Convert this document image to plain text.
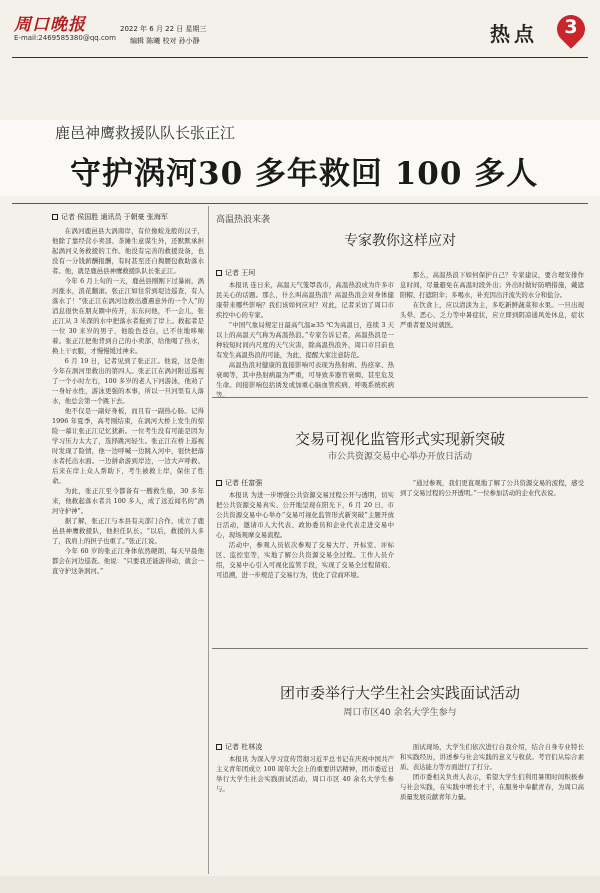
周口晚报
E-mail:2469585380@qq.com
2022 年 6 月 22 日 星期三
编辑 陈曦 校对 孙小静	热点	3
鹿邑神鹰救援队队长张正江
守护涡河30 多年救回 100 多人
记者 侯国胜 通讯员 于朝豪 张海军

在涡河鹿邑县大涡南岸，有位像蛟龙般的汉子，他除了靠经营小卖部、茶摊生意谋生外，还默默承担起涡河义务救援的工作。他没有完善的救援设备，也没有一分钱薪酬报酬，有时甚至还自掏腰包救助落水者。他，就是鹿邑县神鹰救援队队长张正江。

今年 6 月上旬的一天，鹿邑县刚刚下过暴雨，涡河涨水，浪花翻滚。张正江如往常到堤边巡查，有人落水了！“张正江在涡河边救出遭遇意外的一个人”的消息很快在朋友圈中传开，东东问他，不一会儿，张正江从 3 米深的水中把落水者拖到了岸上。救起者是一位 30 来岁的男子，他脸色苍白，已不住地哆嗦着。张正江把他背到自己的小卖部，给他喝了热水，换上干衣服，才慢慢缓过神来。

6 月 19 日，记者见到了张正江。他说，这是他今年在涡河里救出的第四人。张正江在涡河附近巡视了一个小时左右，100 多岁的老人下河游泳，他劝了一身好水性，游泳更强的本事，所以一旦河里有人落水，他总会第一个跳下去。

他不仅是一副好身板，而且有一副热心肠。记得 1996 年夏季，高考刚结束，在涡河大桥上发生的惊险一幕让张正江记忆犹新。一位考生没有可能是因为学习压力太大了，选择跳河轻生。张正江在桥上巡视时发现了险情，他一边呼喊一边跳入河中，很快把落水者托出水面。一边拼命游到岸边，一边大声呼救。后来在岸上众人帮助下，考生被救上岸，保住了性命。

为此，张正江至今都备有一艘救生船，30 多年来，他救起落水者共 100 多人，成了远近闻名的“涡河守护神”。

据了解，张正江与本县有关部门合作，成立了鹿邑县神鹰救援队，他担任队长。“以后，救援的人多了，我肩上的担子也重了。”张正江说。

今年 60 岁的张正江身体依然硬朗，每天早晨他都会在河边巡查。他说：“只要我还能游得动，就会一直守护这条涡河。”

高温热浪来袭
专家教你这样应对
记者 王珂

本报讯 连日来，高温天气笼罩我市，高温热浪成为许多市民关心的话题。那么，什么叫高温热浪？高温热浪会对身体健康带来哪些影响？我们该如何应对？对此，记者采访了周口市疾控中心的专家。

“中国气象局规定日最高气温≥35 ℃为高温日，连续 3 天以上的高温天气称为高温热浪。”专家告诉记者，高温热浪是一种较短时间内尺度的天气灾害，除高温热浪外，周口市目前也有发生高温热浪的可能，为此，提醒大家注意防范。

高温热浪对健康的直接影响可表现为热射病、热痉挛、热衰竭等，其中热射病最为严重，可导致多器官衰竭，甚至危及生命。间接影响包括诱发或加重心脑血管疾病、呼吸系统疾病等。

那么，高温热浪下如何保护自己？专家建议，要合理安排作息时间，尽量避免在高温时段外出；外出时做好防晒措施，戴遮阳帽、打遮阳伞；多喝水，补充因出汗流失的水分和盐分。

在饮食上，应以清淡为主，多吃新鲜蔬菜和水果。一旦出现头晕、恶心、乏力等中暑症状，应立即到阴凉通风处休息，症状严重者要及时就医。

交易可视化监管形式实现新突破
市公共资源交易中心举办开放日活动
记者 任富强

本报讯 为进一步增强公共资源交易过程公开与透明，切实把公共资源交易真实、公开地呈现在阳光下，6 月 20 日，市公共资源交易中心举办“交易可视化监管形式新突破”主题开放日活动，邀请市人大代表、政协委员和企业代表走进交易中心，现场观摩交易流程。

活动中，参观人员依次参观了交易大厅、开标室、评标区、监控室等，实地了解公共资源交易全过程。工作人员介绍，交易中心引入可视化监管手段，实现了交易全过程留痕、可追溯，进一步规范了交易行为，优化了营商环境。

“通过参观，我们更直观地了解了公共资源交易的流程，感受到了交易过程的公开透明。”一位参加活动的企业代表说。

团市委举行大学生社会实践面试活动
周口市区40 余名大学生参与
记者 杜林凌

本报讯 为深入学习宣传贯彻习近平总书记在庆祝中国共产主义青年团成立 100 周年大会上的重要讲话精神，团市委近日举行大学生社会实践面试活动，周口市区 40 余名大学生参与。

面试现场，大学生们依次进行自我介绍，结合自身专业特长和实践经历，讲述参与社会实践的意义与收获。考官们从综合素质、表达能力等方面进行了打分。

团市委相关负责人表示，希望大学生们利用暑期时间积极参与社会实践，在实践中增长才干，在服务中奉献青春，为周口高质量发展贡献青年力量。
